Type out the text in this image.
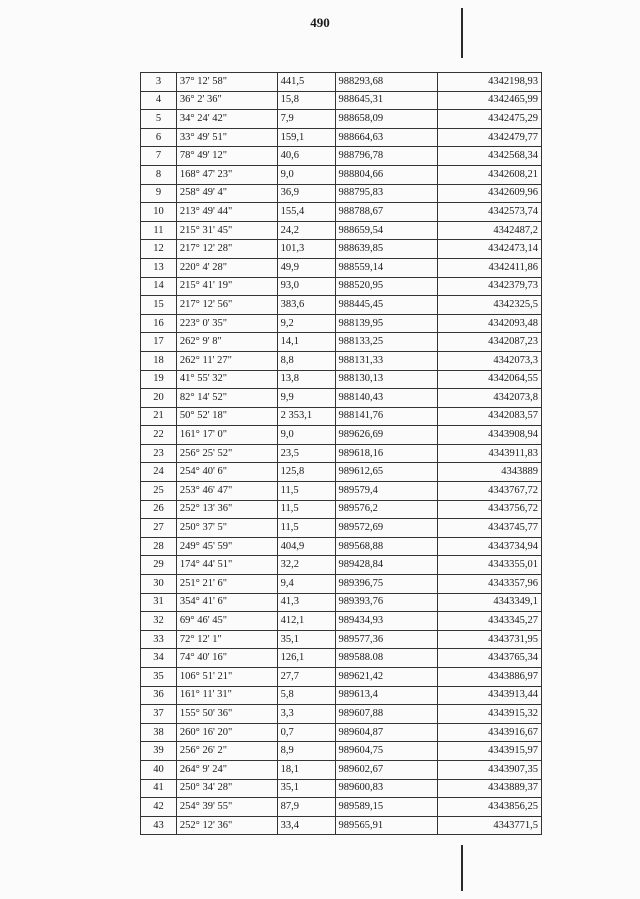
490
3	37° 12' 58"	441,5	988293,68	4342198,93
4	36° 2' 36"	15,8	988645,31	4342465,99
5	34° 24' 42"	7,9	988658,09	4342475,29
6	33° 49' 51"	159,1	988664,63	4342479,77
7	78° 49' 12"	40,6	988796,78	4342568,34
8	168° 47' 23"	9,0	988804,66	4342608,21
9	258° 49' 4"	36,9	988795,83	4342609,96
10	213° 49' 44"	155,4	988788,67	4342573,74
11	215° 31' 45"	24,2	988659,54	4342487,2
12	217° 12' 28"	101,3	988639,85	4342473,14
13	220° 4' 28"	49,9	988559,14	4342411,86
14	215° 41' 19"	93,0	988520,95	4342379,73
15	217° 12' 56"	383,6	988445,45	4342325,5
16	223° 0' 35"	9,2	988139,95	4342093,48
17	262° 9' 8"	14,1	988133,25	4342087,23
18	262° 11' 27"	8,8	988131,33	4342073,3
19	41° 55' 32"	13,8	988130,13	4342064,55
20	82° 14' 52"	9,9	988140,43	4342073,8
21	50° 52' 18"	2 353,1	988141,76	4342083,57
22	161° 17' 0"	9,0	989626,69	4343908,94
23	256° 25' 52"	23,5	989618,16	4343911,83
24	254° 40' 6"	125,8	989612,65	4343889
25	253° 46' 47"	11,5	989579,4	4343767,72
26	252° 13' 36"	11,5	989576,2	4343756,72
27	250° 37' 5"	11,5	989572,69	4343745,77
28	249° 45' 59"	404,9	989568,88	4343734,94
29	174° 44' 51"	32,2	989428,84	4343355,01
30	251° 21' 6"	9,4	989396,75	4343357,96
31	354° 41' 6"	41,3	989393,76	4343349,1
32	69° 46' 45"	412,1	989434,93	4343345,27
33	72° 12' 1"	35,1	989577,36	4343731,95
34	74° 40' 16"	126,1	989588.08	4343765,34
35	106° 51' 21"	27,7	989621,42	4343886,97
36	161° 11' 31"	5,8	989613,4	4343913,44
37	155° 50' 36"	3,3	989607,88	4343915,32
38	260° 16' 20"	0,7	989604,87	4343916,67
39	256° 26' 2"	8,9	989604,75	4343915,97
40	264° 9' 24"	18,1	989602,67	4343907,35
41	250° 34' 28"	35,1	989600,83	4343889,37
42	254° 39' 55"	87,9	989589,15	4343856,25
43	252° 12' 36"	33,4	989565,91	4343771,5
